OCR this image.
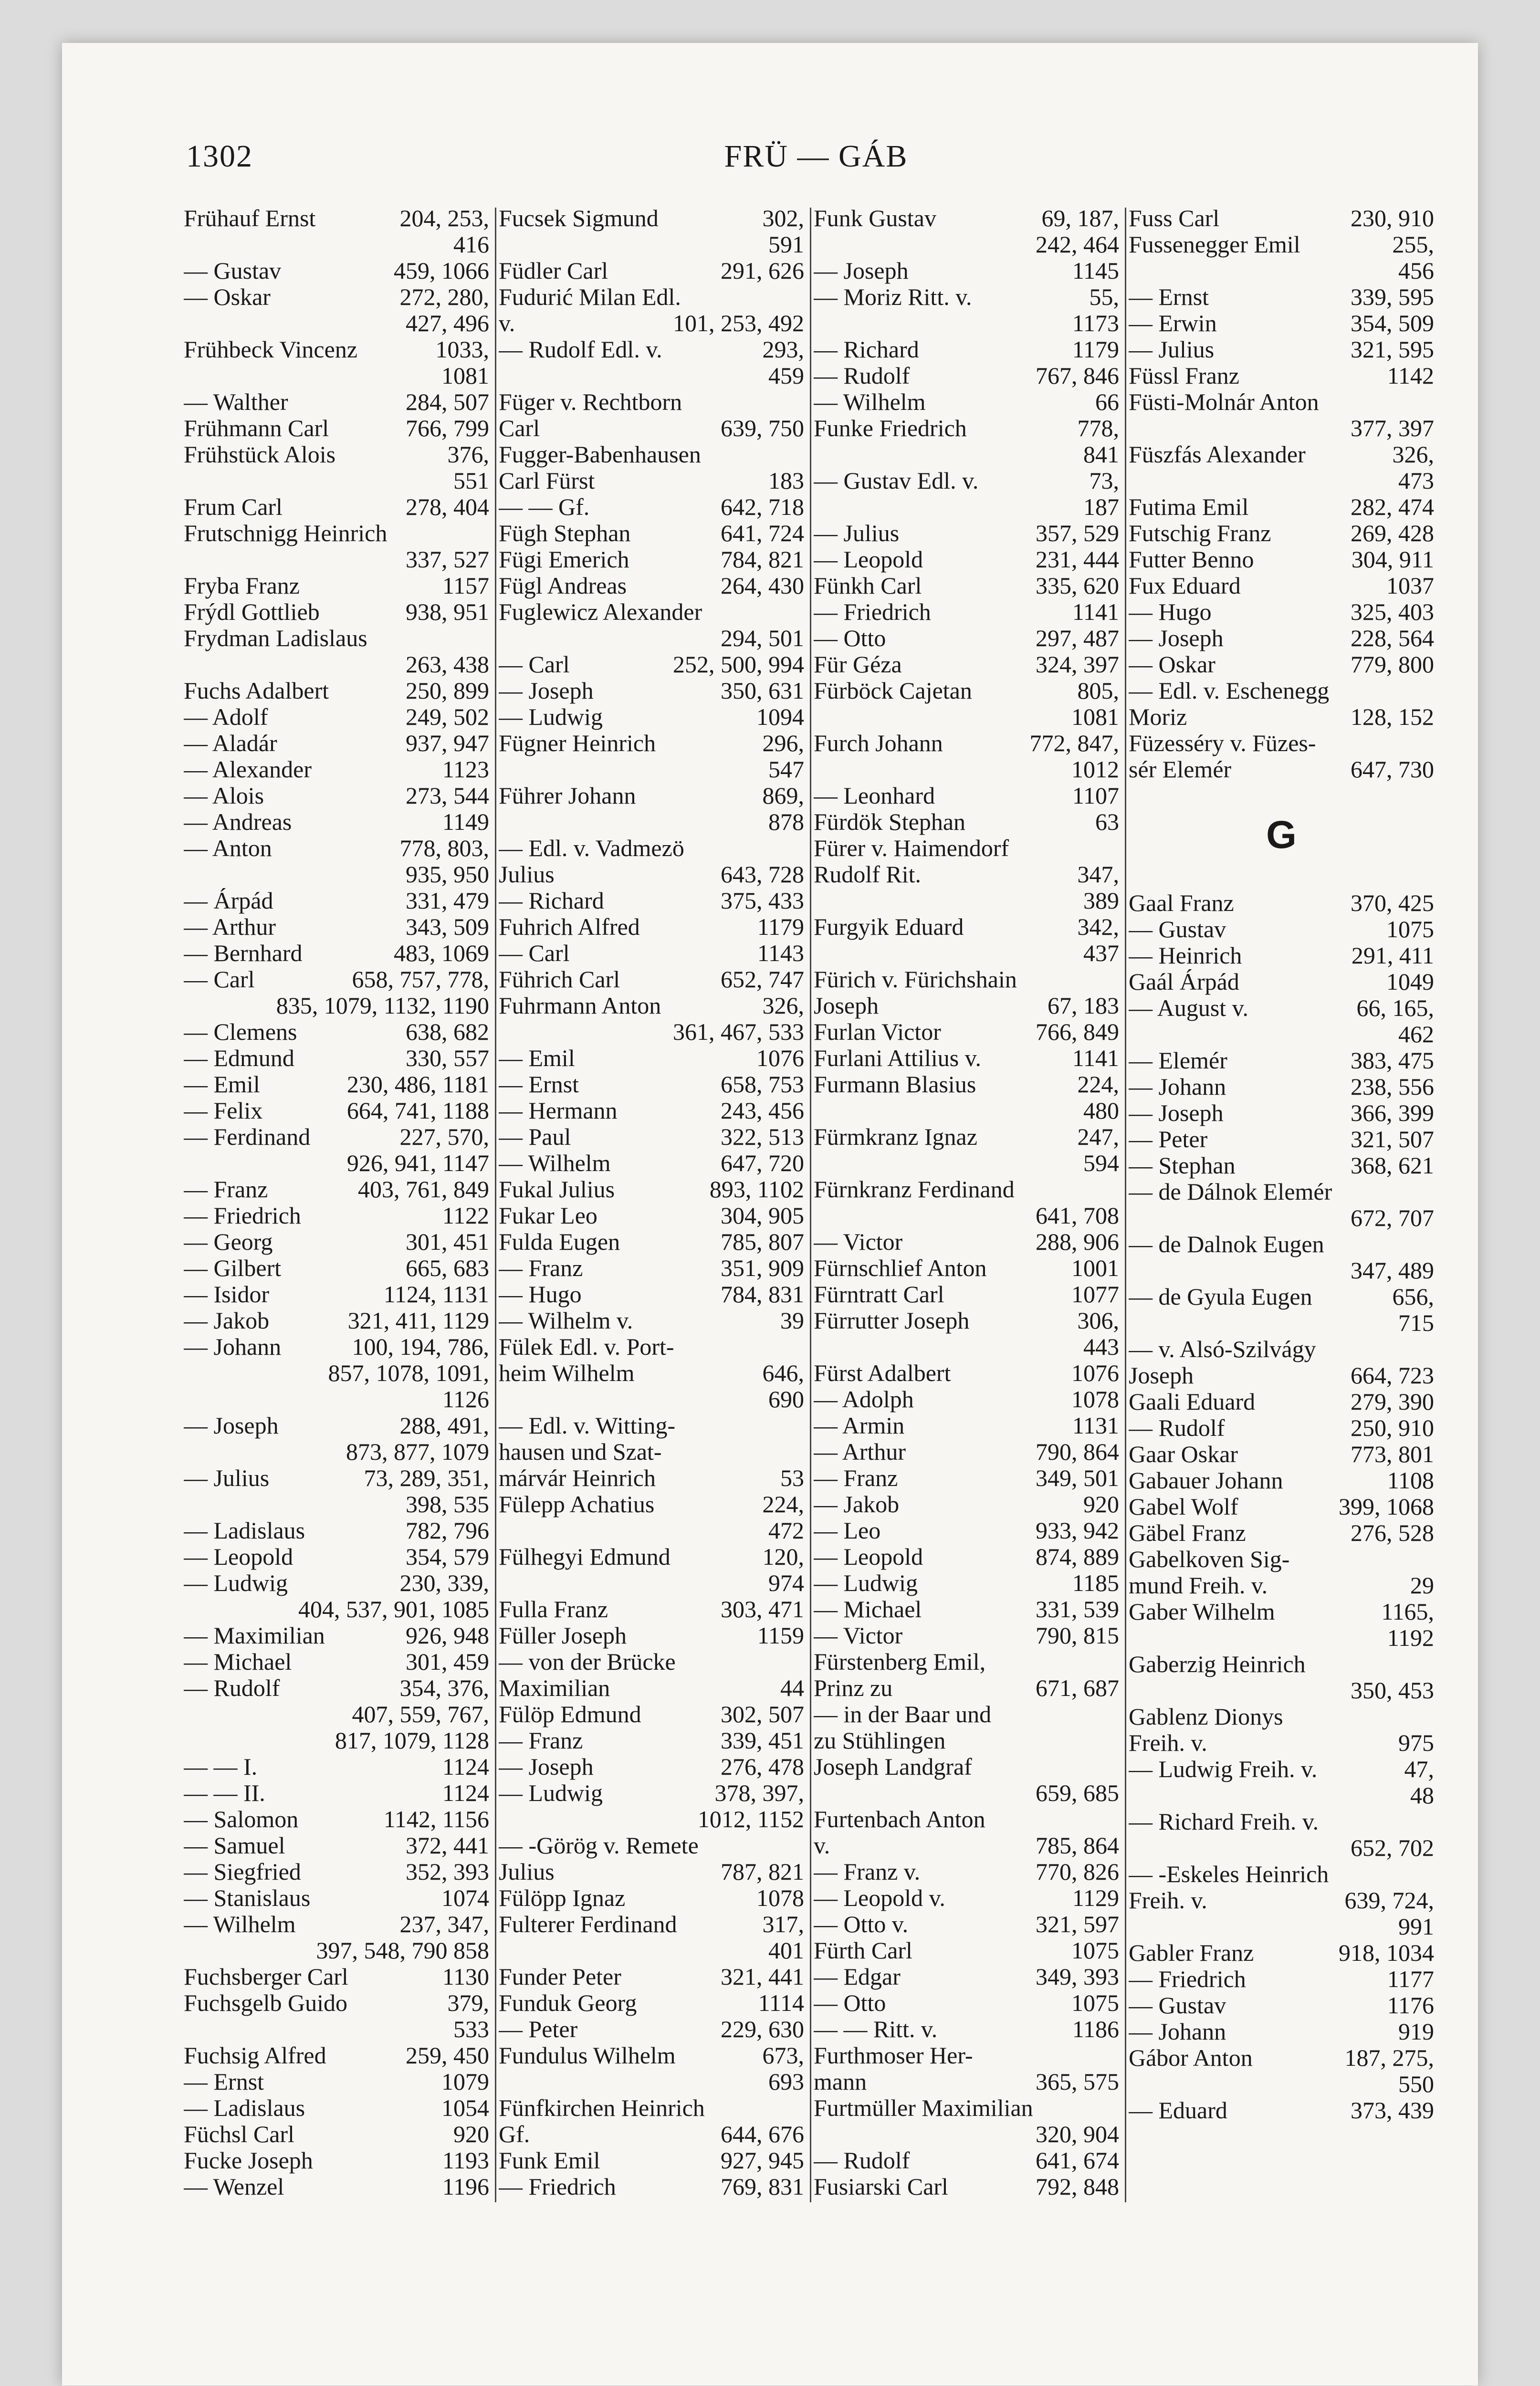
1302	FRÜ — GÁB
Frühauf Ernst	204, 253,
416
— Gustav	459, 1066
— Oskar	272, 280,
427, 496
Frühbeck Vincenz	1033,
1081
— Walther	284, 507
Frühmann Carl	766, 799
Frühstück Alois	376,
551
Frum Carl	278, 404
Frutschnigg Heinrich
337, 527
Fryba Franz	1157
Frýdl Gottlieb	938, 951
Frydman Ladislaus
263, 438
Fuchs Adalbert	250, 899
— Adolf	249, 502
— Aladár	937, 947
— Alexander	1123
— Alois	273, 544
— Andreas	1149
— Anton	778, 803,
935, 950
— Árpád	331, 479
— Arthur	343, 509
— Bernhard	483, 1069
— Carl	658, 757, 778,
835, 1079, 1132, 1190
— Clemens	638, 682
— Edmund	330, 557
— Emil	230, 486, 1181
— Felix	664, 741, 1188
— Ferdinand	227, 570,
926, 941, 1147
— Franz	403, 761, 849
— Friedrich	1122
— Georg	301, 451
— Gilbert	665, 683
— Isidor	1124, 1131
— Jakob	321, 411, 1129
— Johann	100, 194, 786,
857, 1078, 1091,
1126
— Joseph	288, 491,
873, 877, 1079
— Julius	73, 289, 351,
398, 535
— Ladislaus	782, 796
— Leopold	354, 579
— Ludwig	230, 339,
404, 537, 901, 1085
— Maximilian	926, 948
— Michael	301, 459
— Rudolf	354, 376,
407, 559, 767,
817, 1079, 1128
— — I.	1124
— — II.	1124
— Salomon	1142, 1156
— Samuel	372, 441
— Siegfried	352, 393
— Stanislaus	1074
— Wilhelm	237, 347,
397, 548, 790 858
Fuchsberger Carl	1130
Fuchsgelb Guido	379,
533
Fuchsig Alfred	259, 450
— Ernst	1079
— Ladislaus	1054
Füchsl Carl	920
Fucke Joseph	1193
— Wenzel	1196
Fucsek Sigmund	302,
591
Füdler Carl	291, 626
Fudurić Milan Edl.
v.	101, 253, 492
— Rudolf Edl. v.	293,
459
Füger v. Rechtborn
Carl	639, 750
Fugger-Babenhausen
Carl Fürst	183
— — Gf.	642, 718
Fügh Stephan	641, 724
Fügi Emerich	784, 821
Fügl Andreas	264, 430
Fuglewicz Alexander
294, 501
— Carl	252, 500, 994
— Joseph	350, 631
— Ludwig	1094
Fügner Heinrich	296,
547
Führer Johann	869,
878
— Edl. v. Vadmezö
Julius	643, 728
— Richard	375, 433
Fuhrich Alfred	1179
— Carl	1143
Führich Carl	652, 747
Fuhrmann Anton	326,
361, 467, 533
— Emil	1076
— Ernst	658, 753
— Hermann	243, 456
— Paul	322, 513
— Wilhelm	647, 720
Fukal Julius	893, 1102
Fukar Leo	304, 905
Fulda Eugen	785, 807
— Franz	351, 909
— Hugo	784, 831
— Wilhelm v.	39
Fülek Edl. v. Port-
heim Wilhelm	646,
690
— Edl. v. Witting-
hausen und Szat-
márvár Heinrich	53
Fülepp Achatius	224,
472
Fülhegyi Edmund	120,
974
Fulla Franz	303, 471
Füller Joseph	1159
— von der Brücke
Maximilian	44
Fülöp Edmund	302, 507
— Franz	339, 451
— Joseph	276, 478
— Ludwig	378, 397,
1012, 1152
— -Görög v. Remete
Julius	787, 821
Fülöpp Ignaz	1078
Fulterer Ferdinand	317,
401
Funder Peter	321, 441
Funduk Georg	1114
— Peter	229, 630
Fundulus Wilhelm	673,
693
Fünfkirchen Heinrich
Gf.	644, 676
Funk Emil	927, 945
— Friedrich	769, 831
Funk Gustav	69, 187,
242, 464
— Joseph	1145
— Moriz Ritt. v.	55,
1173
— Richard	1179
— Rudolf	767, 846
— Wilhelm	66
Funke Friedrich	778,
841
— Gustav Edl. v.	73,
187
— Julius	357, 529
— Leopold	231, 444
Fünkh Carl	335, 620
— Friedrich	1141
— Otto	297, 487
Für Géza	324, 397
Fürböck Cajetan	805,
1081
Furch Johann	772, 847,
1012
— Leonhard	1107
Fürdök Stephan	63
Fürer v. Haimendorf
Rudolf Rit.	347,
389
Furgyik Eduard	342,
437
Fürich v. Fürichshain
Joseph	67, 183
Furlan Victor	766, 849
Furlani Attilius v.	1141
Furmann Blasius	224,
480
Fürmkranz Ignaz	247,
594
Fürnkranz Ferdinand
641, 708
— Victor	288, 906
Fürnschlief Anton	1001
Fürntratt Carl	1077
Fürrutter Joseph	306,
443
Fürst Adalbert	1076
— Adolph	1078
— Armin	1131
— Arthur	790, 864
— Franz	349, 501
— Jakob	920
— Leo	933, 942
— Leopold	874, 889
— Ludwig	1185
— Michael	331, 539
— Victor	790, 815
Fürstenberg Emil,
Prinz zu	671, 687
— in der Baar und
zu Stühlingen
Joseph Landgraf
659, 685
Furtenbach Anton
v.	785, 864
— Franz v.	770, 826
— Leopold v.	1129
— Otto v.	321, 597
Fürth Carl	1075
— Edgar	349, 393
— Otto	1075
— — Ritt. v.	1186
Furthmoser Her-
mann	365, 575
Furtmüller Maximilian
320, 904
— Rudolf	641, 674
Fusiarski Carl	792, 848
Fuss Carl	230, 910
Fussenegger Emil	255,
456
— Ernst	339, 595
— Erwin	354, 509
— Julius	321, 595
Füssl Franz	1142
Füsti-Molnár Anton
377, 397
Füszfás Alexander	326,
473
Futima Emil	282, 474
Futschig Franz	269, 428
Futter Benno	304, 911
Fux Eduard	1037
— Hugo	325, 403
— Joseph	228, 564
— Oskar	779, 800
— Edl. v. Eschenegg
Moriz	128, 152
Füzesséry v. Füzes-
sér Elemér	647, 730
G
Gaal Franz	370, 425
— Gustav	1075
— Heinrich	291, 411
Gaál Árpád	1049
— August v.	66, 165,
462
— Elemér	383, 475
— Johann	238, 556
— Joseph	366, 399
— Peter	321, 507
— Stephan	368, 621
— de Dálnok Elemér
672, 707
— de Dalnok Eugen
347, 489
— de Gyula Eugen	656,
715
— v. Alsó-Szilvágy
Joseph	664, 723
Gaali Eduard	279, 390
— Rudolf	250, 910
Gaar Oskar	773, 801
Gabauer Johann	1108
Gabel Wolf	399, 1068
Gäbel Franz	276, 528
Gabelkoven Sig-
mund Freih. v.	29
Gaber Wilhelm	1165,
1192
Gaberzig Heinrich
350, 453
Gablenz Dionys
Freih. v.	975
— Ludwig Freih. v.	47,
48
— Richard Freih. v.
652, 702
— -Eskeles Heinrich
Freih. v.	639, 724,
991
Gabler Franz	918, 1034
— Friedrich	1177
— Gustav	1176
— Johann	919
Gábor Anton	187, 275,
550
— Eduard	373, 439
